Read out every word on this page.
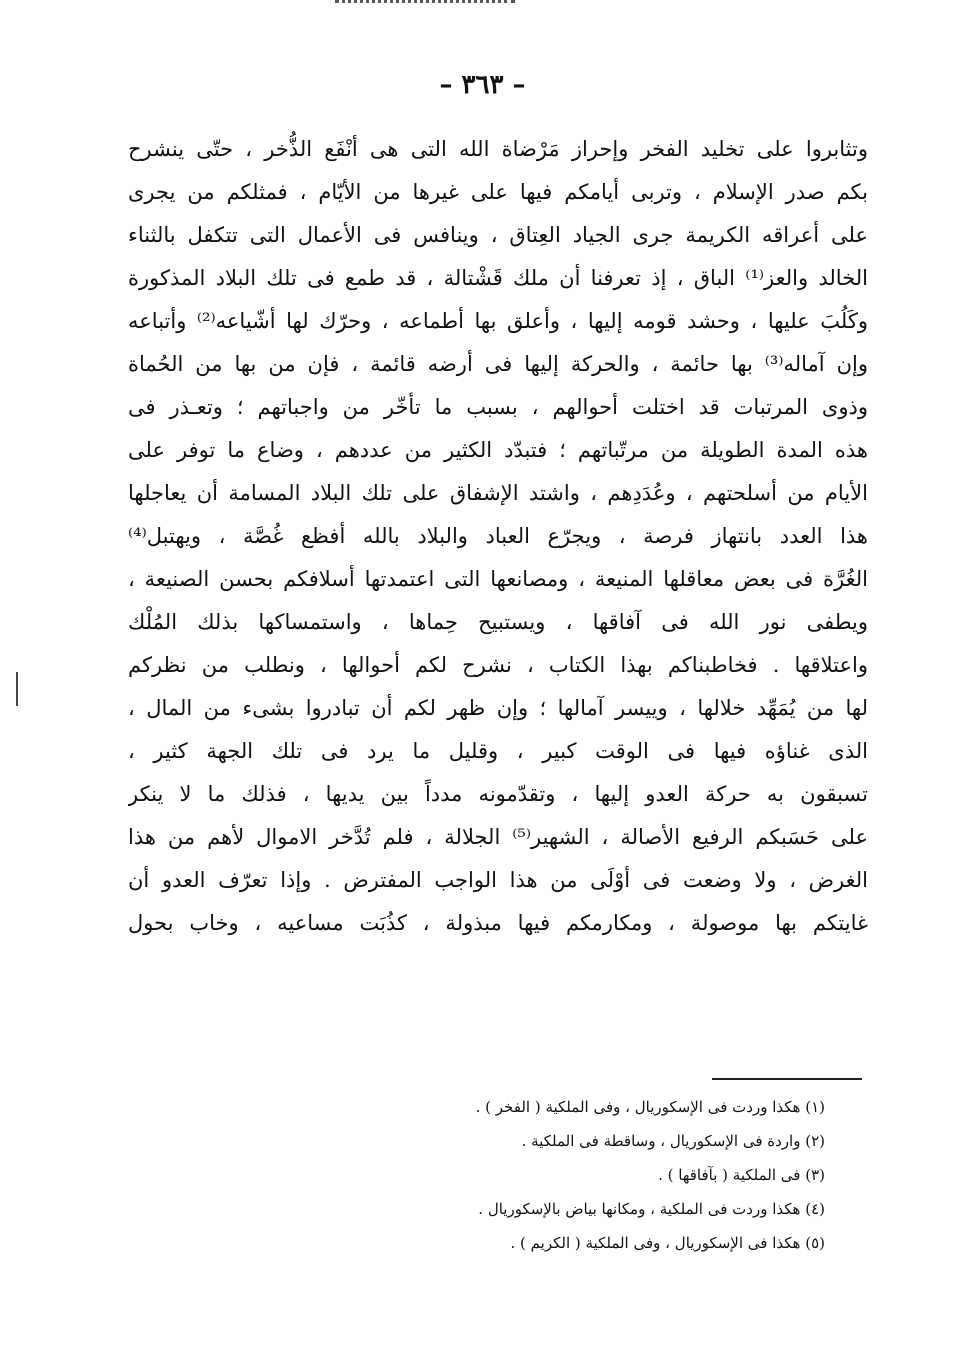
– ٣٦٣ –
وتثابروا على تخليد الفخر وإحراز مَرْضاة الله التى هى أنْفَع الذُّخر ، حتّى ينشرح
بكم صدر الإسلام ، وتربى أيامكم فيها على غيرها من الأيّام ، فمثلكم من يجرى
على أعراقه الكريمة جرى الجياد العِتاق ، وينافس فى الأعمال التى تتكفل بالثناء
الخالد والعز⁽¹⁾ الباق ، إذ تعرفنا أن ملك قَشْتالة ، قد طمع فى تلك البلاد المذكورة
وكَلُبَ عليها ، وحشد قومه إليها ، وأعلق بها أطماعه ، وحرّك لها أشّياعه⁽²⁾ وأتباعه
وإن آماله⁽³⁾ بها حائمة ، والحركة إليها فى أرضه قائمة ، فإن من بها من الحُماة
وذوى المرتبات قد اختلت أحوالهم ، بسبب ما تأخّر من واجباتهم ؛ وتعـذر فى
هذه المدة الطويلة من مرتّباتهم ؛ فتبدّد الكثير من عددهم ، وضاع ما توفر على
الأيام من أسلحتهم ، وعُدَدِهم ، واشتد الإشفاق على تلك البلاد المسامة أن يعاجلها
هذا العدد بانتهاز فرصة ، ويجرّع العباد والبلاد بالله أفظع غُصَّة ، ويهتبل⁽⁴⁾
الغُرَّة فى بعض معاقلها المنيعة ، ومصانعها التى اعتمدتها أسلافكم بحسن الصنيعة ،
ويطفى نور الله فى آفاقها ، ويستبيح حِماها ، واستمساكها بذلك المُلْك
واعتلاقها . فخاطبناكم بهذا الكتاب ، نشرح لكم أحوالها ، ونطلب من نظركم
لها من يُمَهِّد خلالها ، وييسر آمالها ؛ وإن ظهر لكم أن تبادروا بشىء من المال ،
الذى غناؤه فيها فى الوقت كبير ، وقليل ما يرد فى تلك الجهة كثير ،
تسبقون به حركة العدو إليها ، وتقدّمونه مدداً بين يديها ، فذلك ما لا ينكر
على حَسَبكم الرفيع الأصالة ، الشهير⁽⁵⁾ الجلالة ، فلم تُدَّخر الاموال لأهم من هذا
الغرض ، ولا وضعت فى أوْلَى من هذا الواجب المفترض . وإذا تعرّف العدو أن
غايتكم بها موصولة ، ومكارمكم فيها مبذولة ، كذُبَت مساعيه ، وخاب بحول
(١) هكذا وردت فى الإسكوريال ، وفى الملكية ( الفخر ) .
(٢) واردة فى الإسكوريال ، وساقطة فى الملكية .
(٣) فى الملكية ( بآفاقها ) .
(٤) هكذا وردت فى الملكية ، ومكانها بياض بالإسكوريال .
(٥) هكذا فى الإسكوريال ، وفى الملكية ( الكريم ) .
